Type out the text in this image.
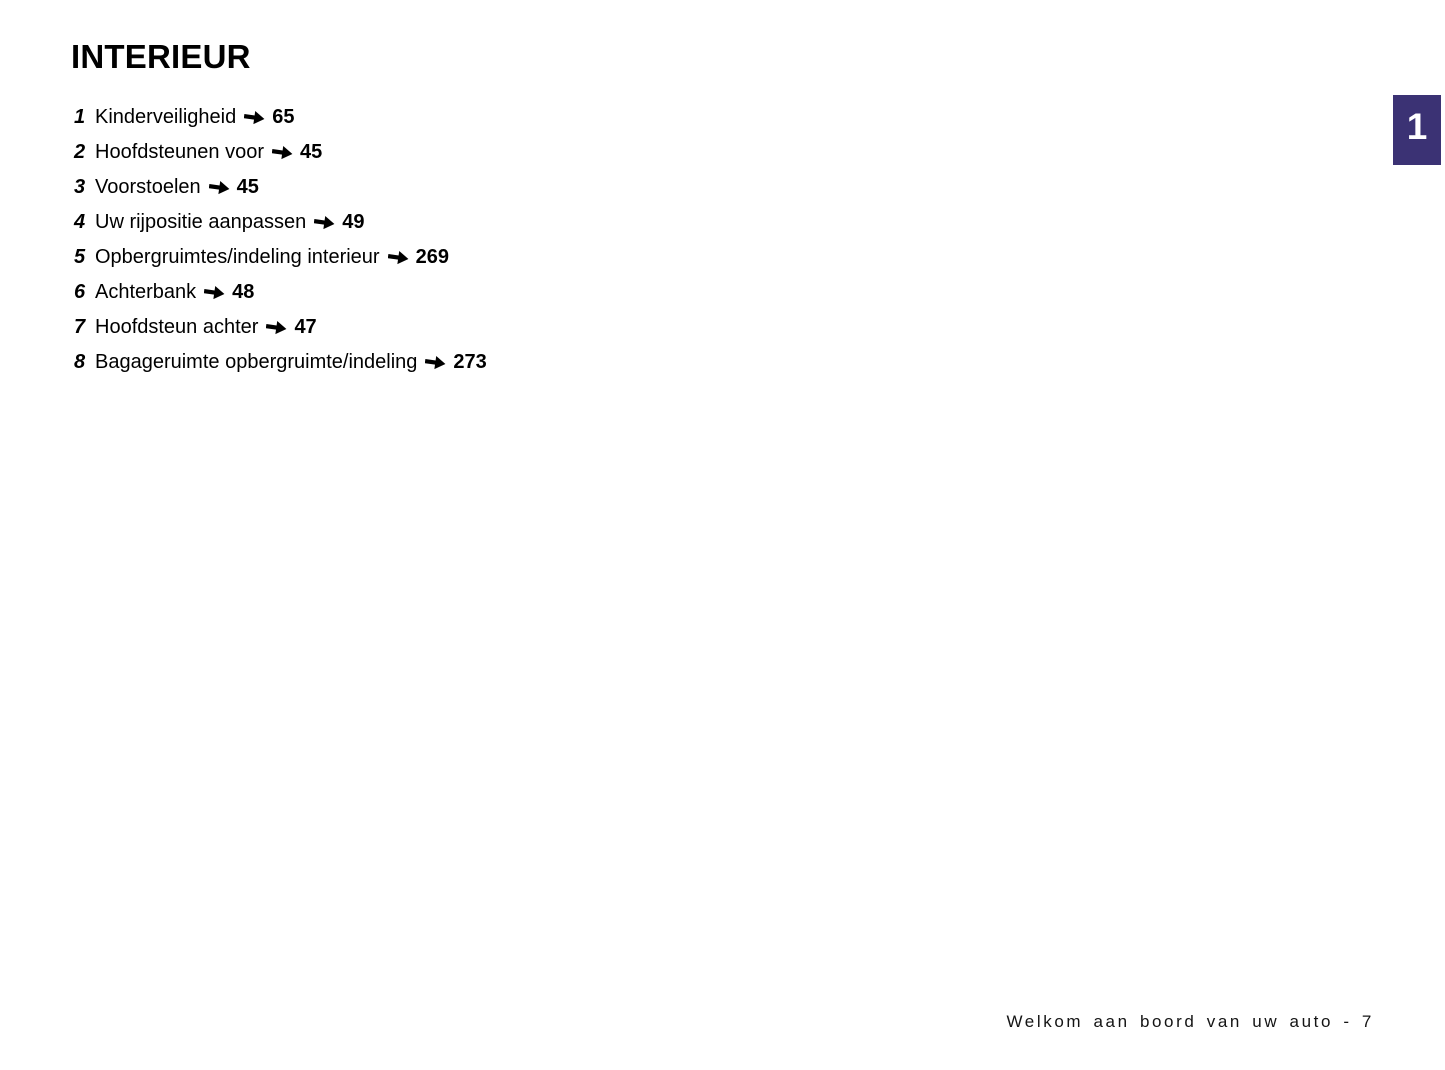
INTERIEUR
1 Kinderveiligheid 65
2 Hoofdsteunen voor 45
3 Voorstoelen 45
4 Uw rijpositie aanpassen 49
5 Opbergruimtes/indeling interieur 269
6 Achterbank 48
7 Hoofdsteun achter 47
8 Bagageruimte opbergruimte/indeling 273
1
Welkom aan boord van uw auto - 7
